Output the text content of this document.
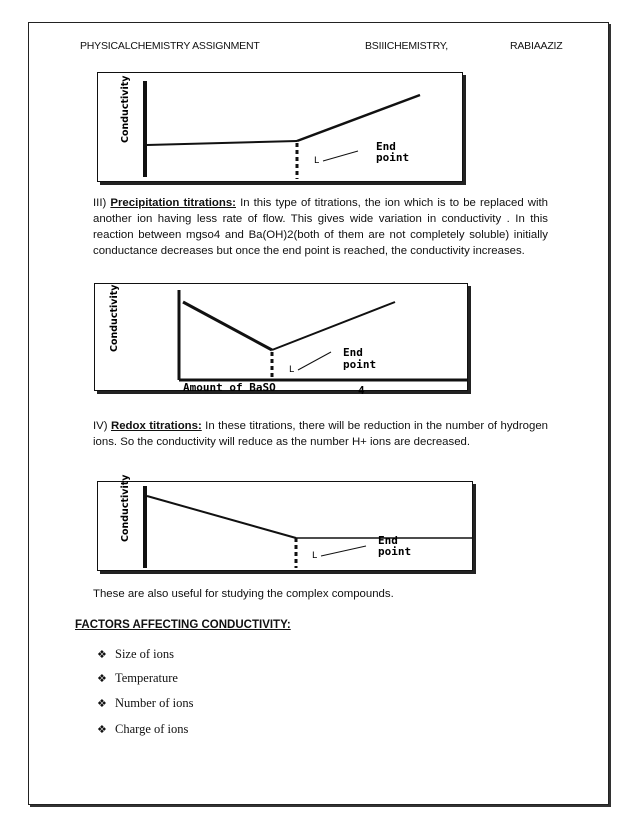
PHYSICALCHEMISTRY ASSIGNMENT	BSIIICHEMISTRY,	RABIAAZIZ
Conductivity
L
End
point
III) Precipitation titrations: In this type of titrations, the ion which is to be replaced with another ion having less rate of flow. This gives wide variation in conductivity . In this reaction between mgso4 and Ba(OH)2(both of them are not completely soluble) initially conductance decreases but once the end point is reached, the conductivity increases.
Conductivity
L
End
point
Amount of BaSO	4
IV) Redox titrations: In these titrations, there will be reduction in the number of hydrogen ions. So the conductivity will reduce as the number H+ ions are decreased.
Conductivity
L
End
point
These are also useful for studying the complex compounds.
FACTORS AFFECTING CONDUCTIVITY:
❖ Size of ions
❖ Temperature
❖ Number of ions
❖ Charge of ions
